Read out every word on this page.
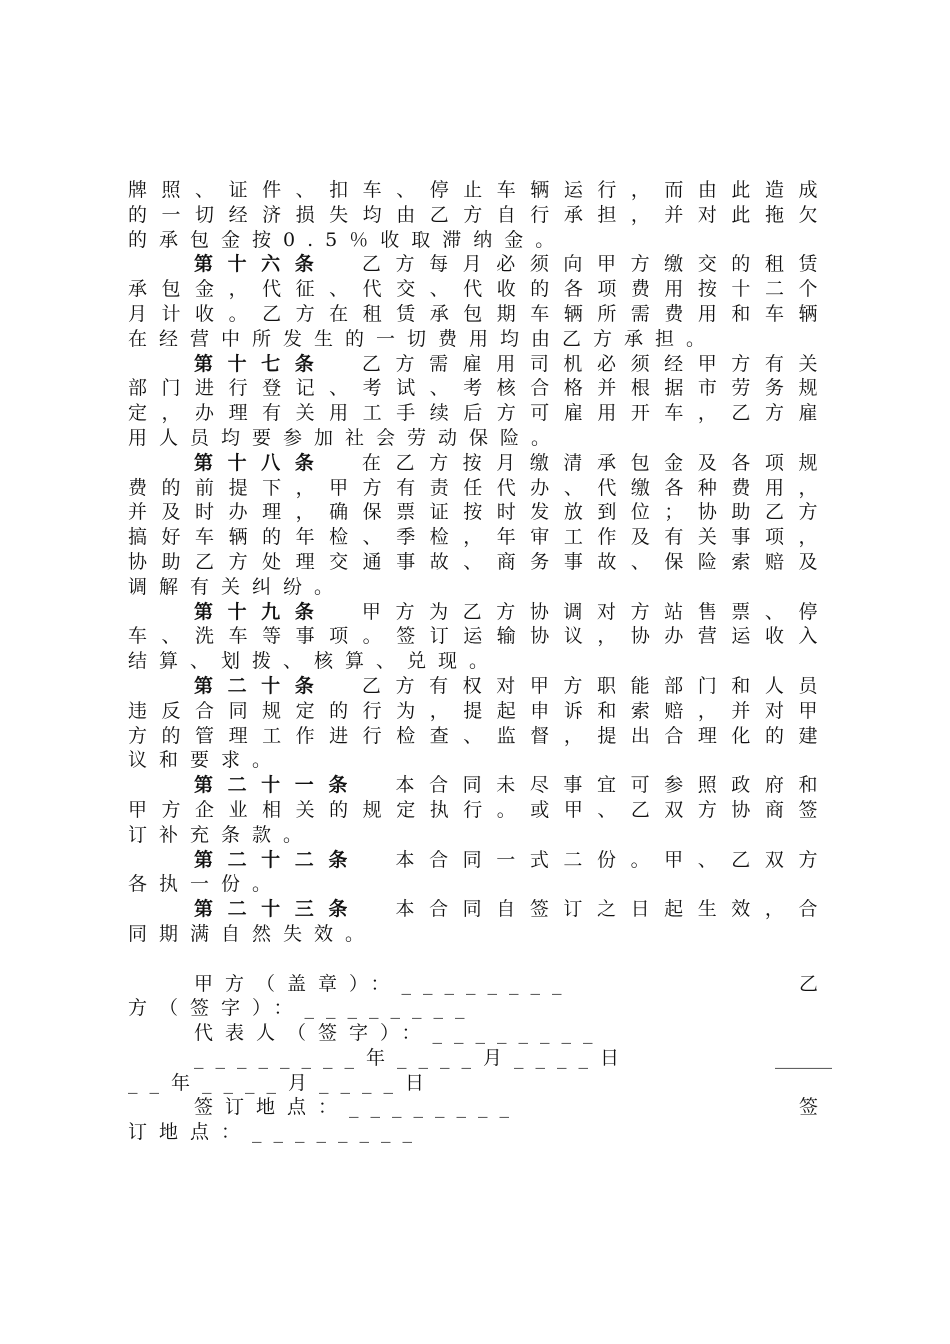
牌照、证件、扣车、停止车辆运行，而由此造成
的一切经济损失均由乙方自行承担，并对此拖欠
的承包金按0.5％收取滞纳金。
第十六条　 乙方每月必须向甲方缴交的租赁
承包金，代征、代交、代收的各项费用按十二个
月计收。乙方在租赁承包期车辆所需费用和车辆
在经营中所发生的一切费用均由乙方承担。
第十七条　 乙方需雇用司机必须经甲方有关
部门进行登记、考试、考核合格并根据市劳务规
定，办理有关用工手续后方可雇用开车，乙方雇
用人员均要参加社会劳动保险。
第十八条　 在乙方按月缴清承包金及各项规
费的前提下，甲方有责任代办、代缴各种费用，
并及时办理，确保票证按时发放到位；协助乙方
搞好车辆的年检、季检，年审工作及有关事项，
协助乙方处理交通事故、商务事故、保险索赔及
调解有关纠纷。
第十九条　 甲方为乙方协调对方站售票、停
车、洗车等事项。签订运输协议，协办营运收入
结算、划拨、核算、兑现。
第二十条　 乙方有权对甲方职能部门和人员
违反合同规定的行为，提起申诉和索赔，并对甲
方的管理工作进行检查、监督，提出合理化的建
议和要求。
第二十一条　 本合同未尽事宜可参照政府和
甲方企业相关的规定执行。或甲、乙双方协商签
订补充条款。
第二十二条　 本合同一式二份。甲、乙双方
各执一份。
第二十三条　 本合同自签订之日起生效，合
同期满自然失效。
甲方（盖章）：________	乙
方（签字）：________
代表人（签字）：________
________年____月____日	______
__年____月____日
签订地点：________	签
订地点：________
